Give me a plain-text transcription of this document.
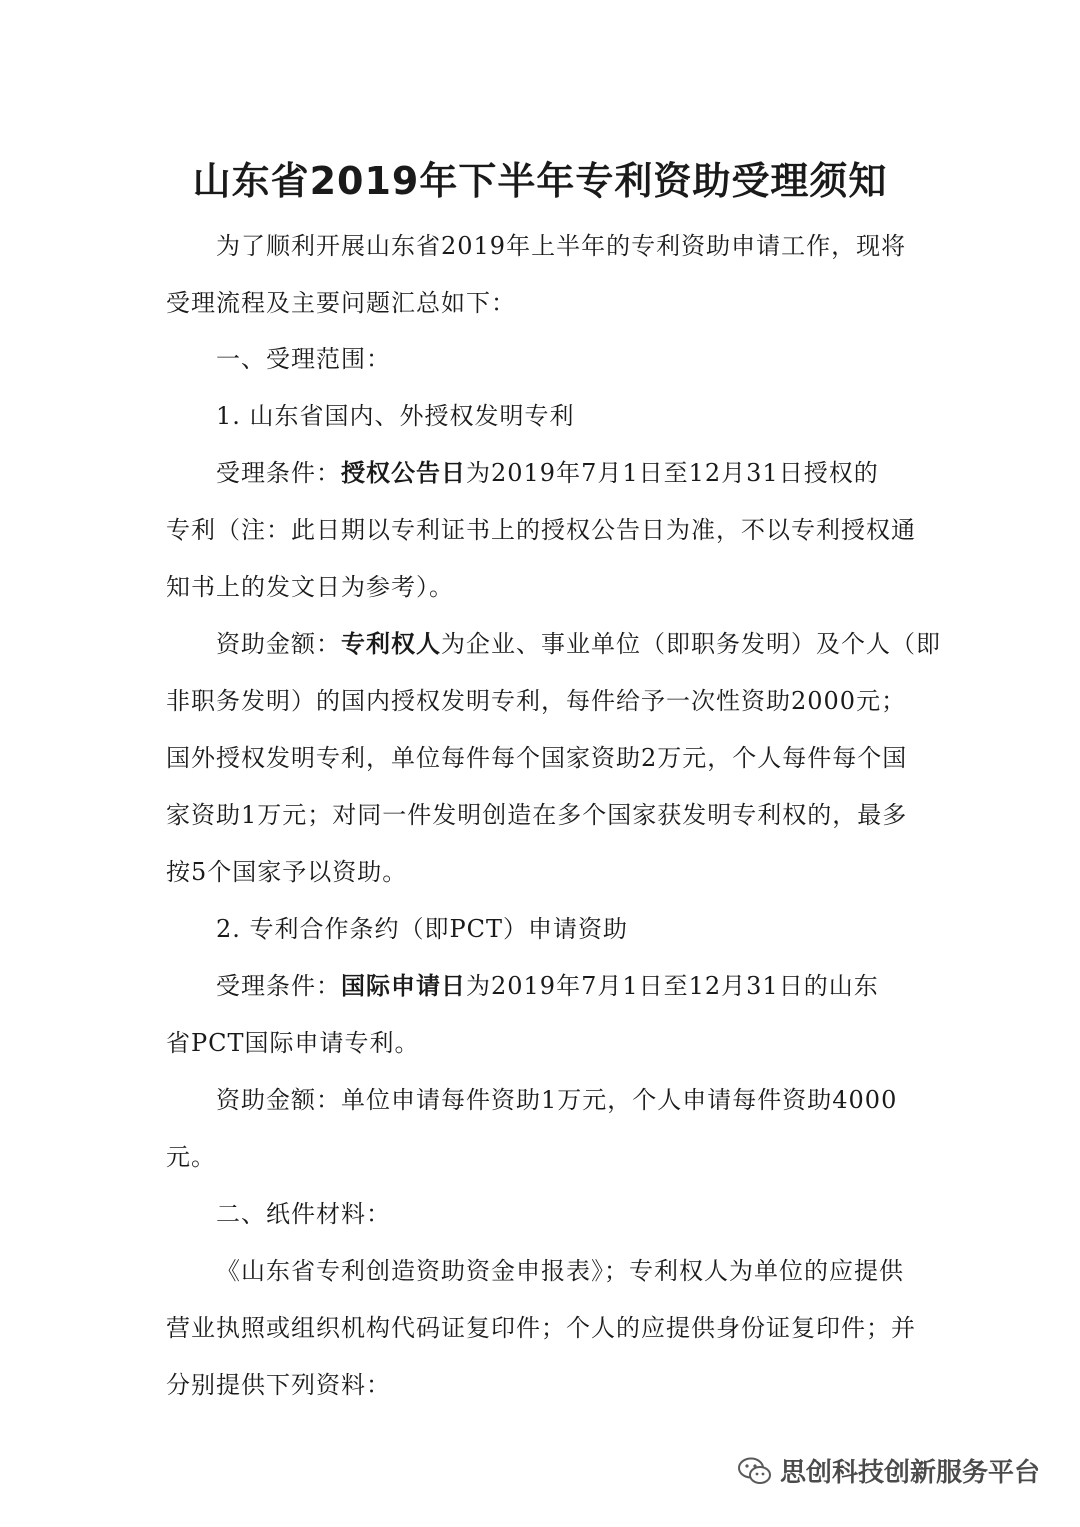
山东省2019年下半年专利资助受理须知

为了顺利开展山东省2019年上半年的专利资助申请工作，现将

受理流程及主要问题汇总如下：

一、受理范围：

1. 山东省国内、外授权发明专利

受理条件：授权公告日为2019年7月1日至12月31日授权的

专利（注：此日期以专利证书上的授权公告日为准，不以专利授权通

知书上的发文日为参考）。

资助金额：专利权人为企业、事业单位（即职务发明）及个人（即

非职务发明）的国内授权发明专利，每件给予一次性资助2000元；

国外授权发明专利，单位每件每个国家资助2万元，个人每件每个国

家资助1万元；对同一件发明创造在多个国家获发明专利权的，最多

按5个国家予以资助。

2. 专利合作条约（即PCT）申请资助

受理条件：国际申请日为2019年7月1日至12月31日的山东

省PCT国际申请专利。

资助金额：单位申请每件资助1万元，个人申请每件资助4000

元。

二、纸件材料：

《山东省专利创造资助资金申报表》；专利权人为单位的应提供

营业执照或组织机构代码证复印件；个人的应提供身份证复印件；并

分别提供下列资料：

思创科技创新服务平台
